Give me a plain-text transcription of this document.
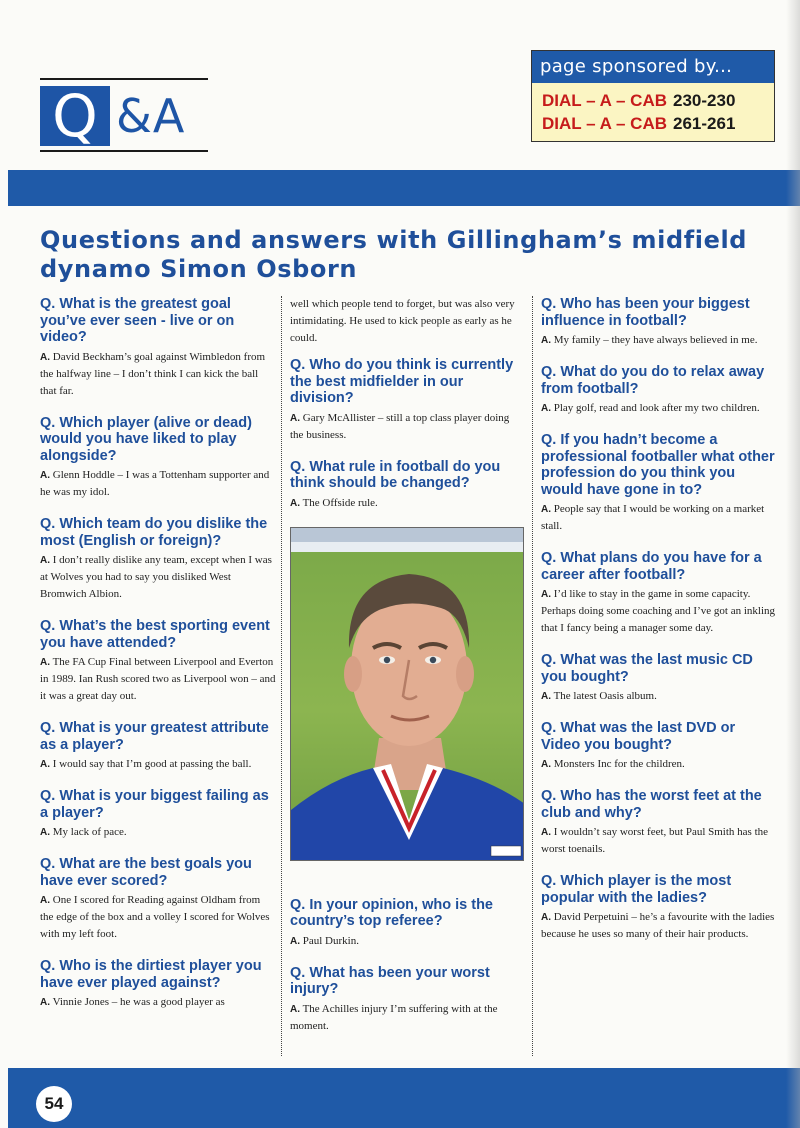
Q &A
page sponsored by...
DIAL – A – CAB 230-230
DIAL – A – CAB 261-261
Questions and answers with Gillingham’s midfield dynamo Simon Osborn
Q. What is the greatest goal you’ve ever seen - live or on video?
A. David Beckham’s goal against Wimbledon from the halfway line – I don’t think I can kick the ball that far.
Q. Which player (alive or dead) would you have liked to play alongside?
A. Glenn Hoddle – I was a Tottenham supporter and he was my idol.
Q. Which team do you dislike the most (English or foreign)?
A. I don’t really dislike any team, except when I was at Wolves you had to say you disliked West Bromwich Albion.
Q. What’s the best sporting event you have attended?
A. The FA Cup Final between Liverpool and Everton in 1989. Ian Rush scored two as Liverpool won – and it was a great day out.
Q. What is your greatest attribute as a player?
A. I would say that I’m good at passing the ball.
Q. What is your biggest failing as a player?
A. My lack of pace.
Q. What are the best goals you have ever scored?
A. One I scored for Reading against Oldham from the edge of the box and a volley I scored for Wolves with my left foot.
Q. Who is the dirtiest player you have ever played against?
A. Vinnie Jones – he was a good player as
well which people tend to forget, but was also very intimidating. He used to kick people as early as he could.
Q. Who do you think is currently the best midfielder in our division?
A. Gary McAllister – still a top class player doing the business.
Q. What rule in football do you think should be changed?
A. The Offside rule.
Q. In your opinion, who is the country’s top referee?
A. Paul Durkin.
Q. What has been your worst injury?
A. The Achilles injury I’m suffering with at the moment.
Q. Who has been your biggest influence in football?
A. My family – they have always believed in me.
Q. What do you do to relax away from football?
A. Play golf, read and look after my two children.
Q. If you hadn’t become a professional footballer what other profession do you think you would have gone in to?
A. People say that I would be working on a market stall.
Q. What plans do you have for a career after football?
A. I’d like to stay in the game in some capacity. Perhaps doing some coaching and I’ve got an inkling that I fancy being a manager some day.
Q. What was the last music CD you bought?
A. The latest Oasis album.
Q. What was the last DVD or Video you bought?
A. Monsters Inc for the children.
Q. Who has the worst feet at the club and why?
A. I wouldn’t say worst feet, but Paul Smith has the worst toenails.
Q. Which player is the most popular with the ladies?
A. David Perpetuini – he’s a favourite with the ladies because he uses so many of their hair products.
54
